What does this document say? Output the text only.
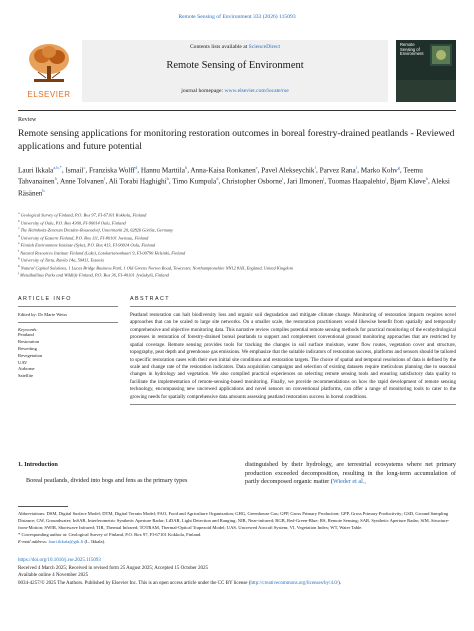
Remote Sensing of Environment 333 (2026) 115093
ELSEVIER
Contents lists available at ScienceDirect
Remote Sensing of Environment
journal homepage: www.elsevier.com/locate/rse
Remote Sensing of Environment
Review
Remote sensing applications for monitoring restoration outcomes in boreal forestry-drained peatlands - Reviewed applications and future potential
Lauri Ikkala$^{a,b,*}$, Ismail$^c$, Franziska Wolff$^d$, Hannu Marttila$^b$, Anna-Kaisa Ronkanen$^e$, Pavel Alekseychik$^f$, Parvez Rana$^f$, Marko Kohv$^g$, Teemu Tahvanainen$^h$, Anne Tolvanen$^f$, Ali Torabi Haghighi$^b$, Timo Kumpula$^d$, Christopher Osborne$^i$, Jari Ilmonen$^j$, Tuomas Haapalehto$^j$, Bjørn Kløve$^b$, Aleksi Räsänen$^b$
$^a$ Geological Survey of Finland, P.O. Box 97, FI-67101 Kokkola, Finland
$^b$ University of Oulu, P.O. Box 4300, FI-90014 Oulu, Finland
$^c$ The Helmholtz-Zentrum Dresden-Rossendorf, Untermarkt 20, 02826 Görlitz, Germany
$^d$ University of Eastern Finland, P.O. Box 111, FI-80101 Joensuu, Finland
$^e$ Finnish Environment Institute (Syke), P.O. Box 413, FI-90014 Oulu, Finland
$^f$ Natural Resources Institute Finland (Luke), Latokartanonkaari 9, FI-00790 Helsinki, Finland
$^g$ University of Tartu, Ravila 14a, 50411, Estonia
$^h$ Natural Capital Solutions, 1 Lucas Bridge Business Park, 1 Old Greens Norton Road, Towcester, Northamptonshire NN12 8AX, England, United Kingdom
$^j$ Metsähallitus Parks and Wildlife Finland, P.O. Box 36, FI-40101 Jyväskylä, Finland
ARTICLE INFO
Edited by: Dr Marie Weiss
Keywords:
Peatland
Restoration
Rewetting
Revegetation
UAV
Airborne
Satellite
ABSTRACT
Peatland restoration can halt biodiversity loss and organic soil degradation and mitigate climate change. Monitoring of restoration impacts requires novel approaches that can be scaled to large site networks. On a smaller scale, the restoration practitioners would likewise benefit from spatially and temporally comprehensive and objective monitoring data. This narrative review compiles potential remote sensing methods for practical monitoring of the ecohydrological processes in restoration of forestry-drained boreal peatlands to support and complement conventional ground monitoring approaches that are restricted by spatial coverage. Remote sensing provides tools for tracking the changes in soil surface moisture, water flow routes, vegetation cover and structure, topography, peat depth and greenhouse gas emissions. We emphasize that the suitable indicators of restoration success, platforms and sensors should be tailored to specific restoration cases with their own initial site conditions and restoration targets. The choice of spatial and temporal resolutions of data is defined by the scale and change rate of the restoration indicators. Data acquisition campaigns and selection of existing datasets require meticulous planning due to seasonal changes in hydrology and vegetation. We also compiled practical experiences on selecting remote sensing tools and ensuring satisfactory data quality to facilitate the implementation of remote-sensing-based monitoring. Finally, we provide recommendations on how the rapid development of remote sensing technology, encompassing new uncrewed applications and novel sensors on conventional platforms, can offer a range of monitoring tools to cater to the growing needs for spatially comprehensive data amounts assessing peatland restoration success in boreal conditions.
1. Introduction
Boreal peatlands, divided into bogs and fens as the primary types
distinguished by their hydrology, are terrestrial ecosystems where net primary production exceeded decomposition, resulting in the long-term accumulation of partly decomposed organic matter (Wieder et al.,

Abbreviations: DSM, Digital Surface Model; DTM, Digital Terrain Model; FAO, Food and Agriculture Organization; GHG, Greenhouse Gas; GPP, Gross Primary Production; GPP, Gross Primary Productivity; GSD, Ground Sampling Distance; GW, Groundwater; InSAR, Interferometric Synthetic Aperture Radar; LiDAR, Light Detection and Ranging; NIR, Near-infrared; RGB, Red-Green-Blue; RS, Remote Sensing; SAR, Synthetic Aperture Radar; SfM, Structure-from-Motion; SWIR, Shortwave Infrared; TIR, Thermal Infrared; TOTRAM, Thermal-Optical Trapezoid Model; UAS, Uncrewed Aircraft System; VI, Vegetation Index; WT, Water Table.

* Corresponding author at: Geological Survey of Finland, P.O. Box 97, FI-67101 Kokkola, Finland.

E-mail address: lauri.ikkala@gtk.fi (L. Ikkala).

https://doi.org/10.1016/j.rse.2025.115093
Received 4 March 2025; Received in revised form 25 August 2025; Accepted 15 October 2025
Available online 4 November 2025
0034-4257/© 2025 The Authors. Published by Elsevier Inc. This is an open access article under the CC BY license (http://creativecommons.org/licenses/by/4.0/).
